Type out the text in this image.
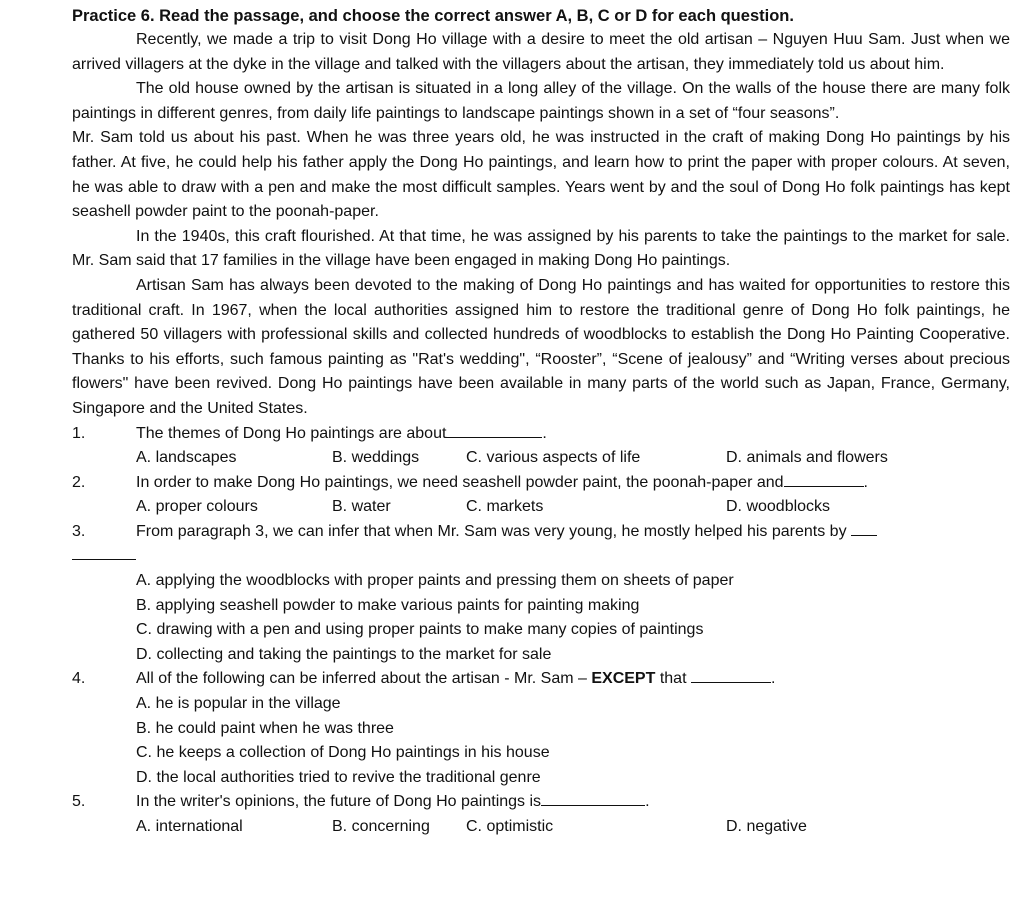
Practice 6. Read the passage, and choose the correct answer A, B, C or D for each question.

Recently, we made a trip to visit Dong Ho village with a desire to meet the old artisan – Nguyen Huu Sam. Just when we arrived villagers at the dyke in the village and talked with the villagers about the artisan, they immediately told us about him.

The old house owned by the artisan is situated in a long alley of the village. On the walls of the house there are many folk paintings in different genres, from daily life paintings to landscape paintings shown in a set of “four seasons”.

Mr. Sam told us about his past. When he was three years old, he was instructed in the craft of making Dong Ho paintings by his father. At five, he could help his father apply the Dong Ho paintings, and learn how to print the paper with proper colours. At seven, he was able to draw with a pen and make the most difficult samples. Years went by and the soul of Dong Ho folk paintings has kept seashell powder paint to the poonah-paper.

In the 1940s, this craft flourished. At that time, he was assigned by his parents to take the paintings to the market for sale. Mr. Sam said that 17 families in the village have been engaged in making Dong Ho paintings.

Artisan Sam has always been devoted to the making of Dong Ho paintings and has waited for opportunities to restore this traditional craft. In 1967, when the local authorities assigned him to restore the traditional genre of Dong Ho folk paintings, he gathered 50 villagers with professional skills and collected hundreds of woodblocks to establish the Dong Ho Painting Cooperative. Thanks to his efforts, such famous painting as "Rat's wedding", “Rooster”, “Scene of jealousy” and “Writing verses about precious flowers" have been revived. Dong Ho paintings have been available in many parts of the world such as Japan, France, Germany, Singapore and the United States.

1.	The themes of Dong Ho paintings are about	.
A. landscapes	B. weddings	C. various aspects of life	D. animals and flowers
2.	In order to make Dong Ho paintings, we need seashell powder paint, the poonah-paper and	.
A. proper colours	B. water	C. markets	D. woodblocks
3.	From paragraph 3, we can infer that when Mr. Sam was very young, he mostly helped his parents by
A. applying the woodblocks with proper paints and pressing them on sheets of paper
B. applying seashell powder to make various paints for painting making
C. drawing with a pen and using proper paints to make many copies of paintings
D. collecting and taking the paintings to the market for sale
4.	All of the following can be inferred about the artisan - Mr. Sam – EXCEPT that	.
A. he is popular in the village
B. he could paint when he was three
C. he keeps a collection of Dong Ho paintings in his house
D. the local authorities tried to revive the traditional genre
5.	In the writer's opinions, the future of Dong Ho paintings is	.
A. international	B. concerning	C. optimistic	D. negative
